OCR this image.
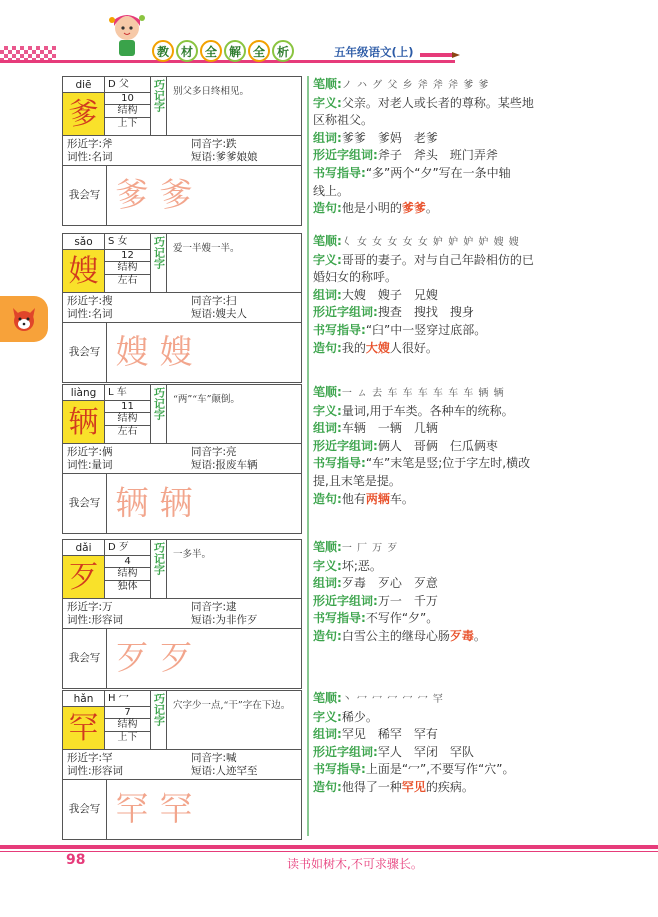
教 材 全 解 全 析	五年级语文(上)
diē
爹
D 父
10
结构
上下
巧记字 别父多日终相见。
形近字:斧	同音字:跌
词性:名词	短语:爹爹娘娘
我会写 爹 爹
笔顺:ノ ハ グ 父 乡 斧 斧 斧 爹 爹
字义:父亲。对老人或长者的尊称。某些地
区称祖父。
组词:爹爹　爹妈　老爹
形近字组词:斧子　斧头　班门弄斧
书写指导:“多”两个“夕”写在一条中轴
线上。
造句:他是小明的爹爹。
sǎo
嫂
S 女
12
结构
左右
巧记字 爱一半嫂一半。
形近字:搜	同音字:扫
词性:名词	短语:嫂夫人
我会写 嫂 嫂
笔顺:𡿨 女 女 女 女 女 妒 妒 妒 妒 嫂 嫂
字义:哥哥的妻子。对与自己年龄相仿的已
婚妇女的称呼。
组词:大嫂　嫂子　兄嫂
形近字组词:搜查　搜找　搜身
书写指导:“臼”中一竖穿过底部。
造句:我的大嫂人很好。
liàng
辆
L 车
11
结构
左右
巧记字 “两”“车”颠倒。
形近字:俩	同音字:亮
词性:量词	短语:报废车辆
我会写 辆 辆
笔顺:一 ㄙ 去 车 车 车 车 车 车 辆 辆
字义:量词,用于车类。各种车的统称。
组词:车辆　一辆　几辆
形近字组词:俩人　哥俩　仨瓜俩枣
书写指导:“车”末笔是竖;位于字左时,横改
提,且末笔是提。
造句:他有两辆车。
dǎi
歹
D 歹
4
结构
独体
巧记字 一多半。
形近字:万	同音字:逮
词性:形容词	短语:为非作歹
我会写 歹 歹
笔顺:一 厂 万 歹
字义:坏;恶。
组词:歹毒　歹心　歹意
形近字组词:万一　千万
书写指导:不写作“夕”。
造句:白雪公主的继母心肠歹毒。
hǎn
罕
H 冖
7
结构
上下
巧记字 穴字少一点,“干”字在下边。
形近字:罕	同音字:喊
词性:形容词	短语:人迹罕至
我会写 罕 罕
笔顺:丶 冖 冖 冖 冖 冖 罕
字义:稀少。
组词:罕见　稀罕　罕有
形近字组词:罕人　罕闭　罕队
书写指导:上面是“冖”,不要写作“穴”。
造句:他得了一种罕见的疾病。
98	读书如树木,不可求骤长。
